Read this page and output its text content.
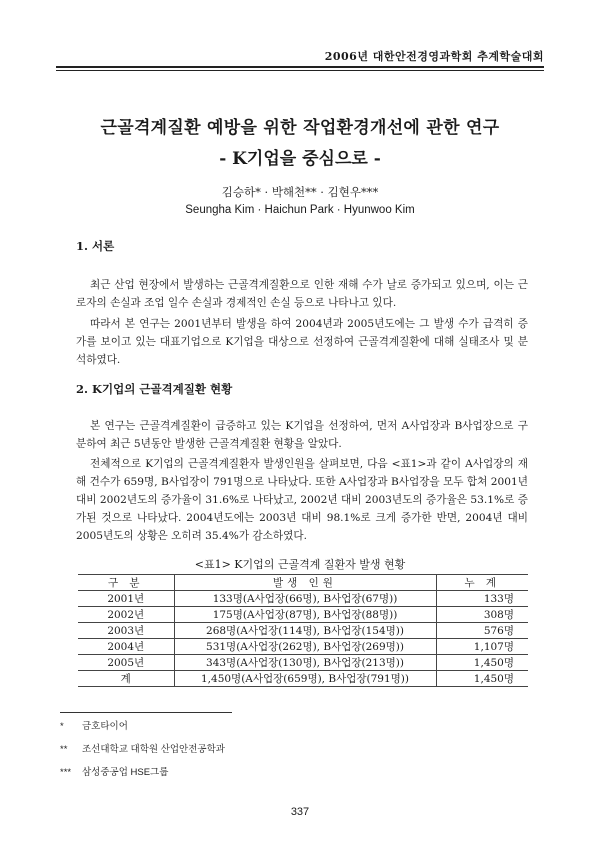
2006년 대한안전경영과학회 추계학술대회
근골격계질환 예방을 위한 작업환경개선에 관한 연구
- K기업을 중심으로 -
김승하* · 박해천** · 김현우***
Seungha Kim · Haichun Park · Hyunwoo Kim
1. 서론

최근 산업 현장에서 발생하는 근골격계질환으로 인한 재해 수가 날로 증가되고 있으며, 이는 근로자의 손실과 조업 일수 손실과 경제적인 손실 등으로 나타나고 있다.

따라서 본 연구는 2001년부터 발생을 하여 2004년과 2005년도에는 그 발생 수가 급격히 증가를 보이고 있는 대표기업으로 K기업을 대상으로 선정하여 근골격계질환에 대해 실태조사 및 분석하였다.

2. K기업의 근골격계질환 현황

본 연구는 근골격계질환이 급증하고 있는 K기업을 선정하여, 먼저 A사업장과 B사업장으로 구분하여 최근 5년동안 발생한 근골격계질환 현황을 알았다.

전체적으로 K기업의 근골격계질환자 발생인원을 살펴보면, 다음 <표1>과 같이 A사업장의 재해 건수가 659명, B사업장이 791명으로 나타났다. 또한 A사업장과 B사업장을 모두 합쳐 2001년 대비 2002년도의 증가율이 31.6%로 나타났고, 2002년 대비 2003년도의 증가율은 53.1%로 증가된 것으로 나타났다. 2004년도에는 2003년 대비 98.1%로 크게 증가한 반면, 2004년 대비 2005년도의 상황은 오히려 35.4%가 감소하였다.

<표1> K기업의 근골격계 질환자 발생 현황
구 분	발생 인원	누 계
2001년	133명(A사업장(66명), B사업장(67명))	133명
2002년	175명(A사업장(87명), B사업장(88명))	308명
2003년	268명(A사업장(114명), B사업장(154명))	576명
2004년	531명(A사업장(262명), B사업장(269명))	1,107명
2005년	343명(A사업장(130명), B사업장(213명))	1,450명
계	1,450명(A사업장(659명), B사업장(791명))	1,450명
* 금호타이어
** 조선대학교 대학원 산업안전공학과
*** 삼성중공업 HSE그룹
337
